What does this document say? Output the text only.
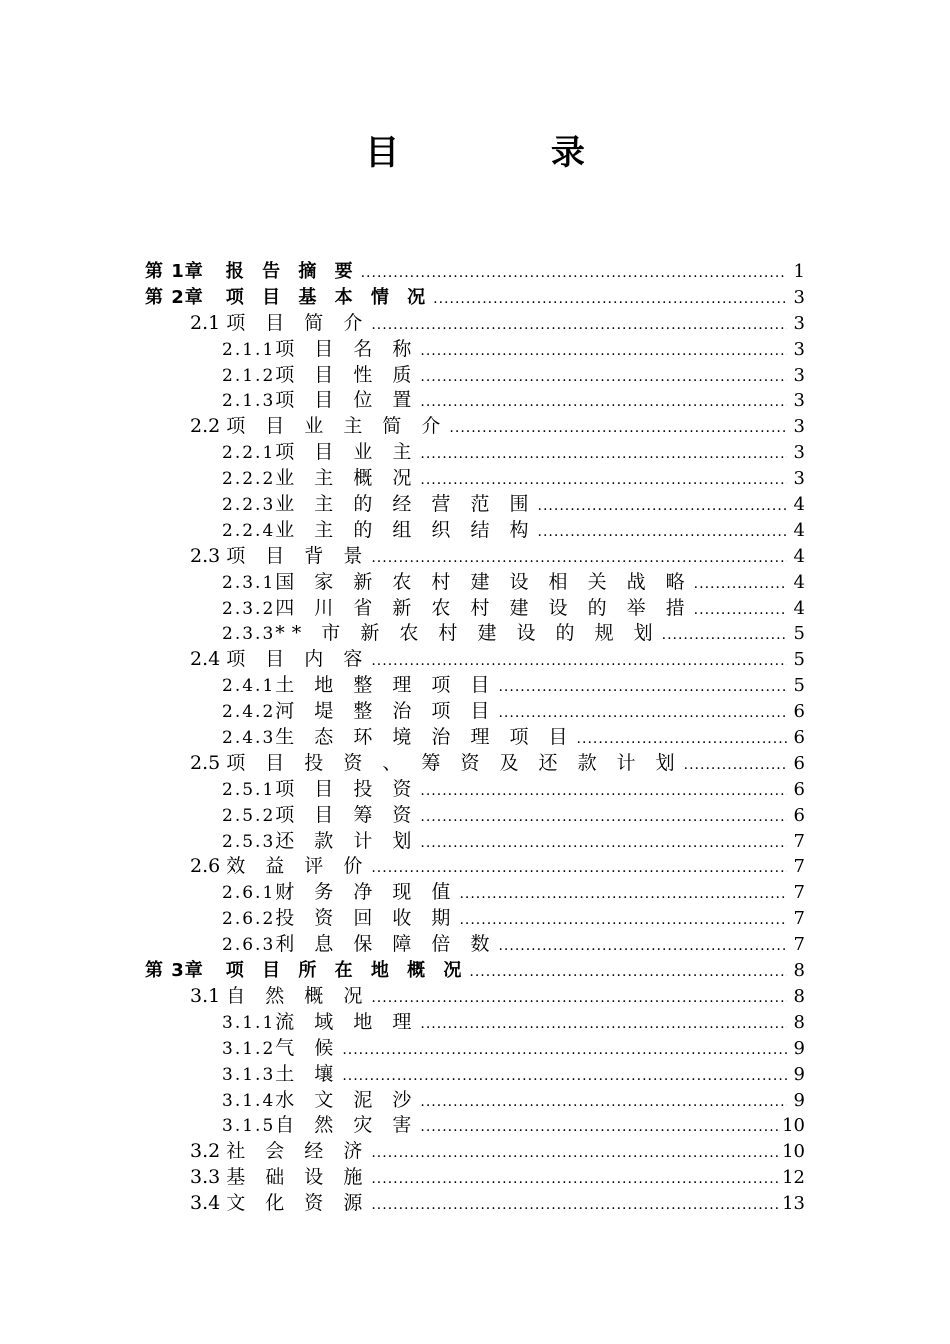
目 录
第 1章 报 告 摘 要 .....	1
第 2章 项 目 基 本 情 况 .....	3
2.1 项 目 简 介 .....	3
2.1.1 项 目 名 称 .....	3
2.1.2 项 目 性 质 .....	3
2.1.3 项 目 位 置 .....	3
2.2 项 目 业 主 简 介 .....	3
2.2.1 项 目 业 主 .....	3
2.2.2 业 主 概 况 .....	3
2.2.3 业 主 的 经 营 范 围 .....	4
2.2.4 业 主 的 组 织 结 构 .....	4
2.3 项 目 背 景 .....	4
2.3.1 国 家 新 农 村 建 设 相 关 战 略 .....	4
2.3.2 四 川 省 新 农 村 建 设 的 举 措 .....	4
2.3.3 ** 市 新 农 村 建 设 的 规 划 .....	5
2.4 项 目 内 容 .....	5
2.4.1 土 地 整 理 项 目 .....	5
2.4.2 河 堤 整 治 项 目 .....	6
2.4.3 生 态 环 境 治 理 项 目 .....	6
2.5 项 目 投 资 、 筹 资 及 还 款 计 划 .....	6
2.5.1 项 目 投 资 .....	6
2.5.2 项 目 筹 资 .....	6
2.5.3 还 款 计 划 .....	7
2.6 效 益 评 价 .....	7
2.6.1 财 务 净 现 值 .....	7
2.6.2 投 资 回 收 期 .....	7
2.6.3 利 息 保 障 倍 数 .....	7
第 3章 项 目 所 在 地 概 况 .....	8
3.1 自 然 概 况 .....	8
3.1.1 流 域 地 理 .....	8
3.1.2 气 候 .....	9
3.1.3 土 壤 .....	9
3.1.4 水 文 泥 沙 .....	9
3.1.5 自 然 灾 害 .....	10
3.2 社 会 经 济 .....	10
3.3 基 础 设 施 .....	12
3.4 文 化 资 源 .....	13
